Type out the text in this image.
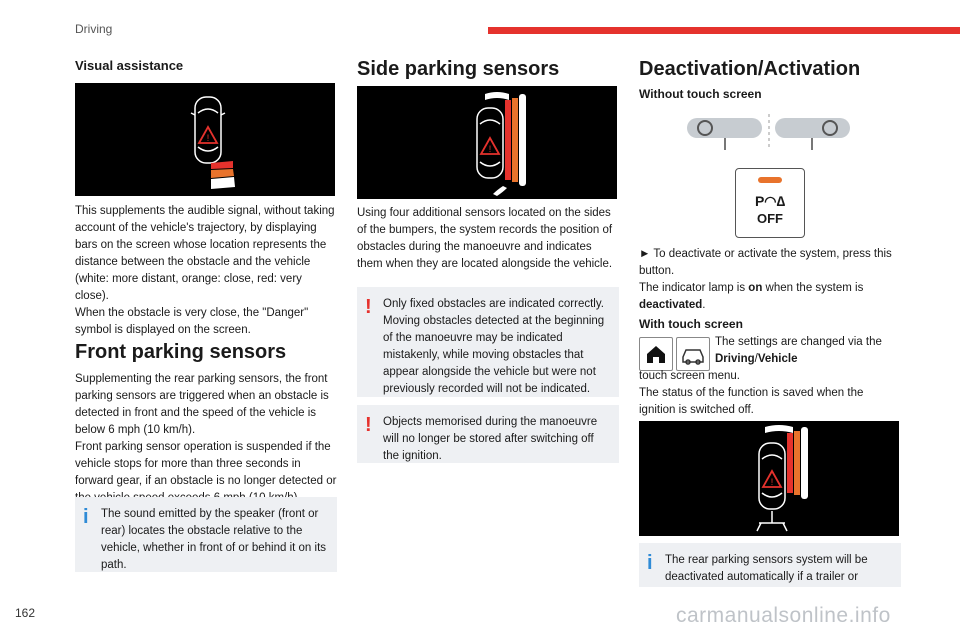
Driving
Visual assistance
!

This supplements the audible signal, without taking account of the vehicle's trajectory, by displaying bars on the screen whose location represents the distance between the obstacle and the vehicle (white: more distant, orange: close, red: very close).
When the obstacle is very close, the "Danger" symbol is displayed on the screen.

Front parking sensors

Supplementing the rear parking sensors, the front parking sensors are triggered when an obstacle is detected in front and the speed of the vehicle is below 6 mph (10 km/h).
Front parking sensor operation is suspended if the vehicle stops for more than three seconds in forward gear, if an obstacle is no longer detected or

i	The sound emitted by the speaker (front or rear) locates the obstacle relative to the vehicle, whether in front of or behind it on its path.
Side parking sensors
!

Using four additional sensors located on the sides of the bumpers, the system records the position of obstacles during the manoeuvre and indicates them when they are located alongside the vehicle.

! Only fixed obstacles are indicated correctly. Moving obstacles detected at the beginning of the manoeuvre may be indicated mistakenly, while moving obstacles that appear alongside the vehicle but were not previously recorded will not be indicated.
! Objects memorised during the manoeuvre will no longer be stored after switching off the ignition.
Deactivation/Activation
Without touch screen
P◠∆
OFF

► To deactivate or activate the system, press this button.
The indicator lamp is on when the system is deactivated.

With touch screen

The settings are changed via the Driving/Vehicle

touch screen menu.
The status of the function is saved when the ignition is switched off.

!
i	The rear parking sensors system will be deactivated automatically if a trailer or
162	carmanualsonline.info
